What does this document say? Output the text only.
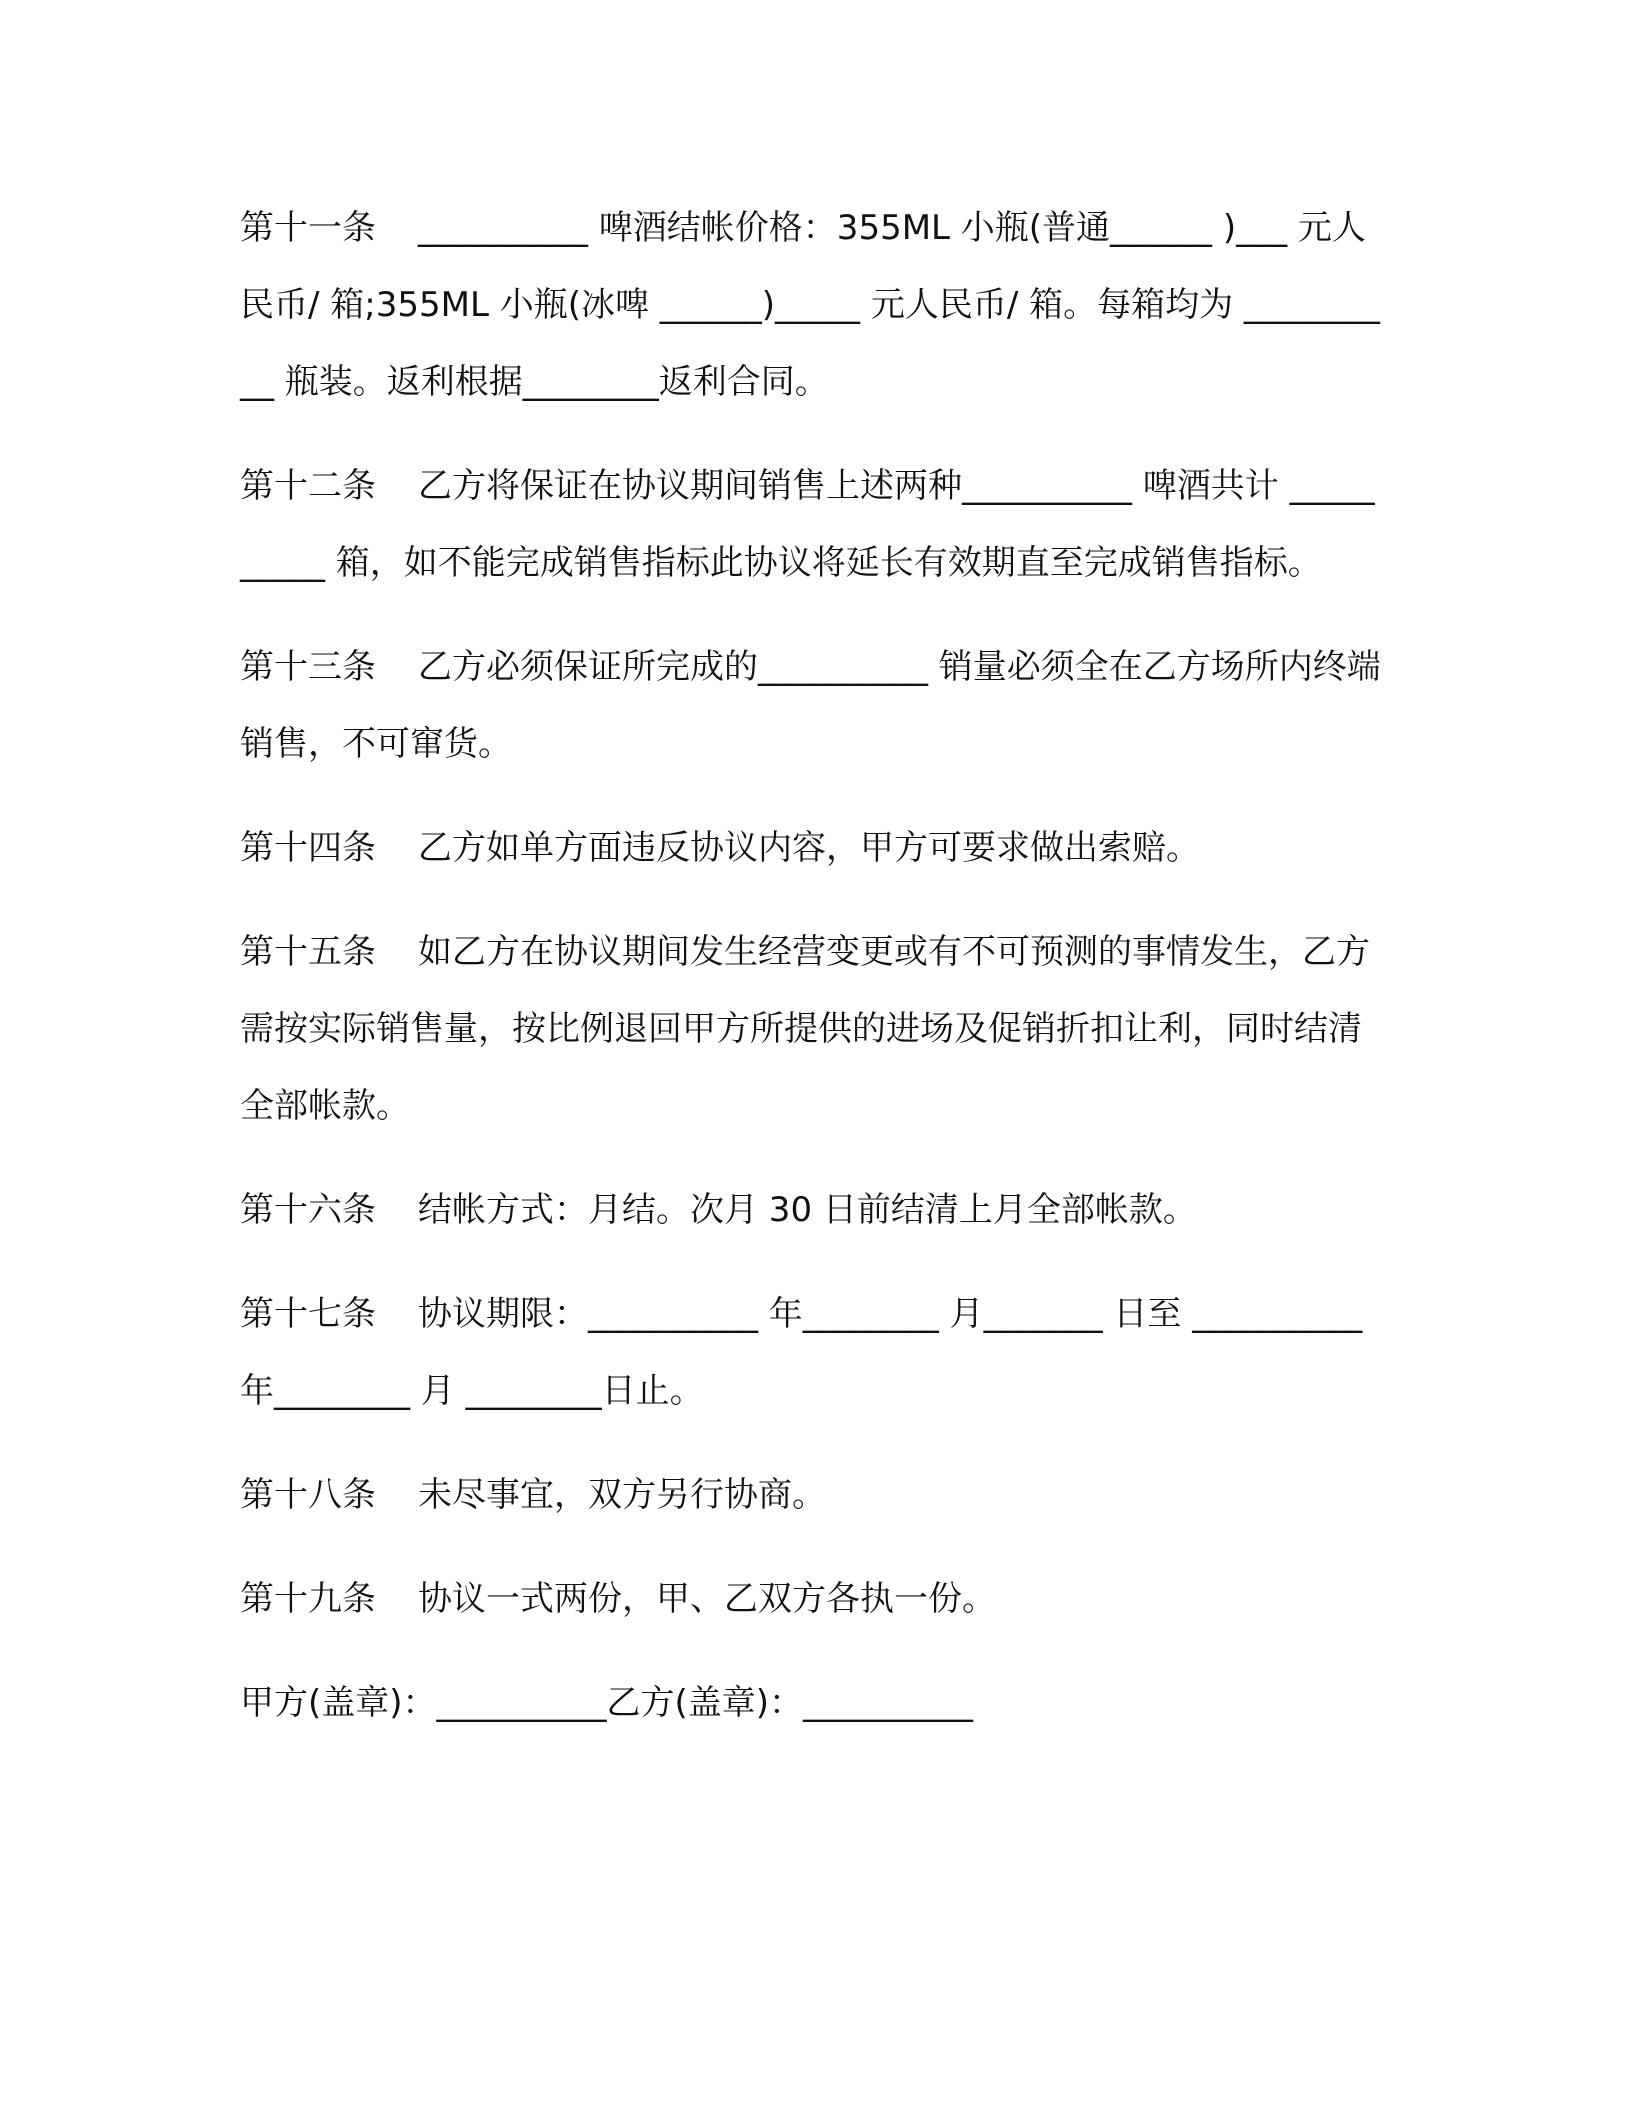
第十一条 __________ 啤酒结帐价格：355ML 小瓶(普通______ )___ 元人民币/ 箱;355ML 小瓶(冰啤 ______)_____ 元人民币/ 箱。每箱均为 __________ 瓶装。返利根据________返利合同。

第十二条 乙方将保证在协议期间销售上述两种__________ 啤酒共计 __________ 箱，如不能完成销售指标此协议将延长有效期直至完成销售指标。

第十三条 乙方必须保证所完成的__________ 销量必须全在乙方场所内终端销售，不可窜货。

第十四条 乙方如单方面违反协议内容，甲方可要求做出索赔。

第十五条 如乙方在协议期间发生经营变更或有不可预测的事情发生，乙方需按实际销售量，按比例退回甲方所提供的进场及促销折扣让利，同时结清全部帐款。

第十六条 结帐方式：月结。次月 30 日前结清上月全部帐款。

第十七条 协议期限：__________ 年________ 月_______ 日至 __________ 年________ 月 ________日止。

第十八条 未尽事宜，双方另行协商。

第十九条 协议一式两份，甲、乙双方各执一份。

甲方(盖章)：__________乙方(盖章)：__________
